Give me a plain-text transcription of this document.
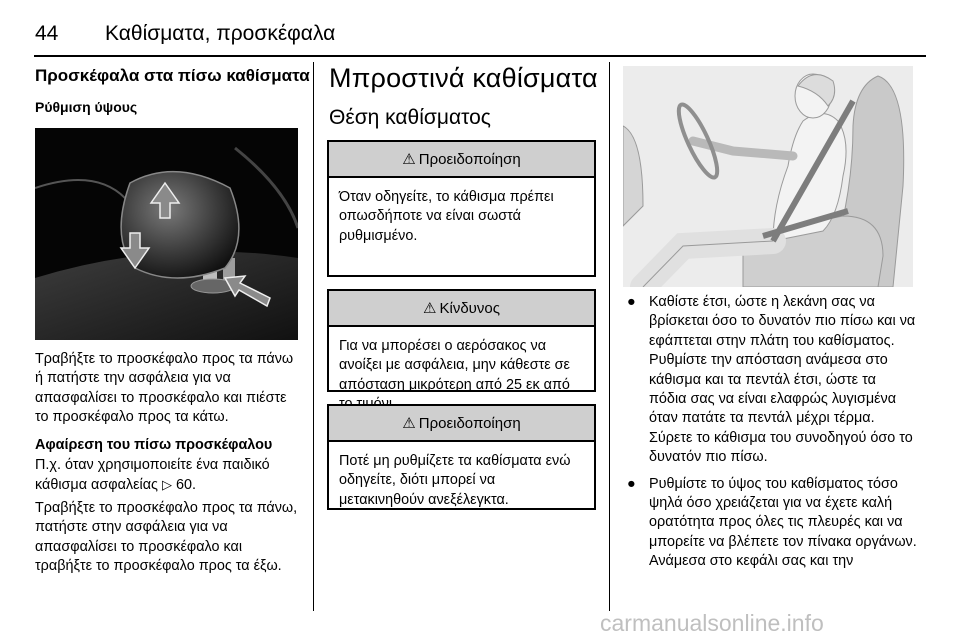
44 Καθίσματα, προσκέφαλα
Προσκέφαλα στα πίσω καθίσματα
Ρύθμιση ύψους
Τραβήξτε το προσκέφαλο προς τα πάνω ή πατήστε την ασφάλεια για να απασφαλίσει το προσκέφαλο και πιέστε το προσκέφαλο προς τα κάτω.
Αφαίρεση του πίσω προσκέφαλου
Π.χ. όταν χρησιμοποιείτε ένα παιδικό κάθισμα ασφαλείας ▷ 60.
Τραβήξτε το προσκέφαλο προς τα πάνω, πατήστε στην ασφάλεια για να απασφαλίσει το προσκέφαλο και τραβήξτε το προσκέφαλο προς τα έξω.
Μπροστινά καθίσματα
Θέση καθίσματος
⚠ Προειδοποίηση
Όταν οδηγείτε, το κάθισμα πρέπει οπωσδήποτε να είναι σωστά ρυθμισμένο.
⚠ Κίνδυνος
Για να μπορέσει ο αερόσακος να ανοίξει με ασφάλεια, μην κάθεστε σε απόσταση μικρότερη από 25 εκ από
⚠ Προειδοποίηση
Ποτέ μη ρυθμίζετε τα καθίσματα ενώ οδηγείτε, διότι μπορεί να μετακινηθούν ανεξέλεγκτα.
● Καθίστε έτσι, ώστε η λεκάνη σας να βρίσκεται όσο το δυνατόν πιο πίσω και να εφάπτεται στην πλάτη του καθίσματος. Ρυθμίστε την απόσταση ανάμεσα στο κάθισμα και τα πεντάλ έτσι, ώστε τα πόδια σας να είναι ελαφρώς λυγισμένα όταν πατάτε τα πεντάλ μέχρι τέρμα. Σύρετε το κάθισμα του συνοδηγού όσο το δυνατόν πιο πίσω.
● Ρυθμίστε το ύψος του καθίσματος τόσο ψηλά όσο χρειάζεται για να έχετε καλή ορατότητα προς όλες τις πλευρές και να μπορείτε να βλέπετε τον πίνακα οργάνων. Ανάμεσα στο κεφάλι σας και την
carmanualsonline.info
